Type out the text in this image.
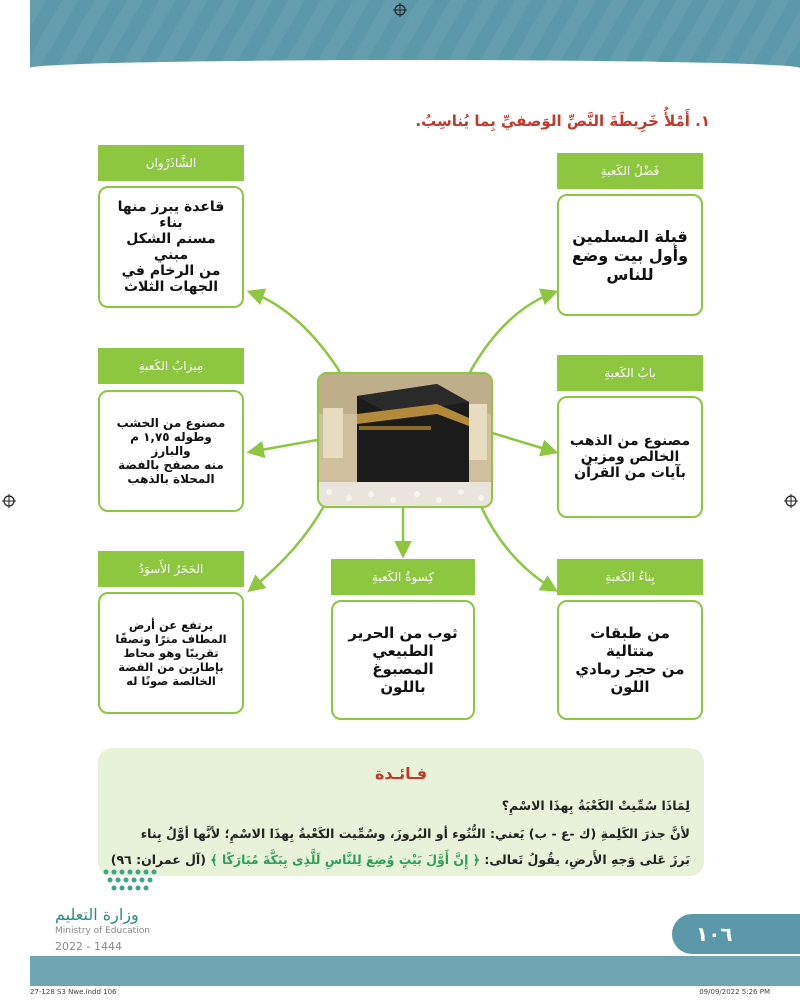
١. أَمْلأُ خَرِيطَةَ النَّصِّ الوَصفيِّ بِما يُناسِبُ.
الشَّاذَرْوان
قاعدة يبرز منها بناء
مسنم الشكل مبني
من الرخام في
الجهات الثلاث
فَضْلُ الكَعبةِ
قبلة المسلمين
وأول بيت وضع
للناس
مِيزابُ الكَعبةِ
مصنوع من الخشب
وطوله ١,٧٥ م والبارز
منه مصفح بالفضة
المحلاة بالذهب
بابُ الكَعبةِ
مصنوع من الذهب
الخالص ومزين
بآيات من القرآن
الحَجَرُ الأَسوَدُ
يرتفع عن أرض
المطاف مترًا ونصفًا
تقريبًا وهو محاط
بإطارين من الفضة
الخالصة صونًا له
كِسوةُ الكَعبةِ
ثوب من الحرير
الطبيعي المصبوغ
باللون
بِناءُ الكَعبةِ
من طبقات متتالية
من حجر رمادي
اللون
فـائـدة
لِمَاذَا سُمِّيتْ الكَعْبَةُ بِهذَا الاسْمِ؟
لأنَّ جذرَ الكَلِمةِ (ك -ع - ب) يَعني: النُّتُوء أو البُروزَ، وسُمِّيت الكَعْبةُ بِهذَا الاسْمِ؛ لأنَّها أوَّلُ بِناء
بَرزَ عَلى وَجهِ الأَرضِ، يقُولُ تَعالى: ﴿ إِنَّ أَوَّلَ بَيْتٍ وُضِعَ لِلنَّاسِ لَلَّذِى بِبَكَّةَ مُبَارَكًا ﴾ (آل عمران: ٩٦)
وزارة التعليم
Ministry of Education
2022 - 1444
١٠٦
27-128 S3 Nwe.indd 106	09/09/2022 5:26 PM
